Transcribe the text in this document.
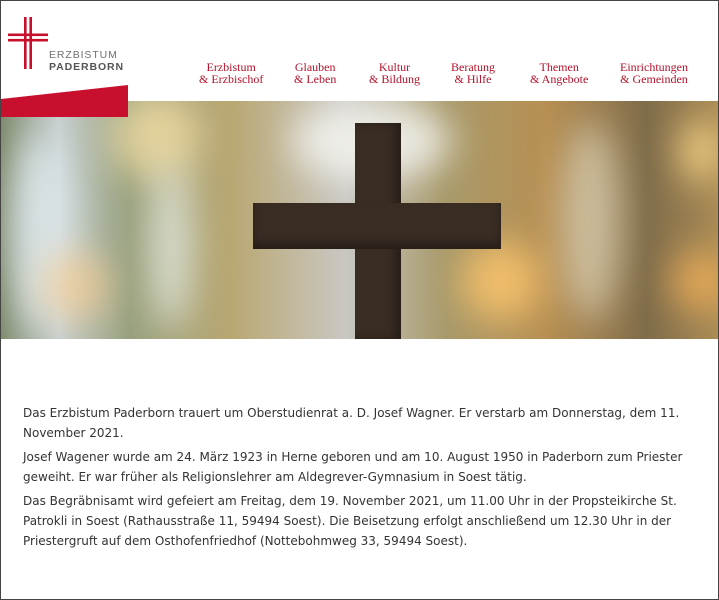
ERZBISTUM
PADERBORN	Erzbistum
& Erzbischof
Glauben
& Leben
Kultur
& Bildung
Beratung
& Hilfe
Themen
& Angebote
Einrichtungen
& Gemeinden

Das Erzbistum Paderborn trauert um Oberstudienrat a. D. Josef Wagner. Er verstarb am Donnerstag, dem 11. November 2021.

Josef Wagener wurde am 24. März 1923 in Herne geboren und am 10. August 1950 in Paderborn zum Priester geweiht. Er war früher als Religionslehrer am Aldegrever-Gymnasium in Soest tätig.

Das Begräbnisamt wird gefeiert am Freitag, dem 19. November 2021, um 11.00 Uhr in der Propsteikirche St. Patrokli in Soest (Rathausstraße 11, 59494 Soest). Die Beisetzung erfolgt anschließend um 12.30 Uhr in der Priestergruft auf dem Osthofenfriedhof (Nottebohmweg 33, 59494 Soest).
